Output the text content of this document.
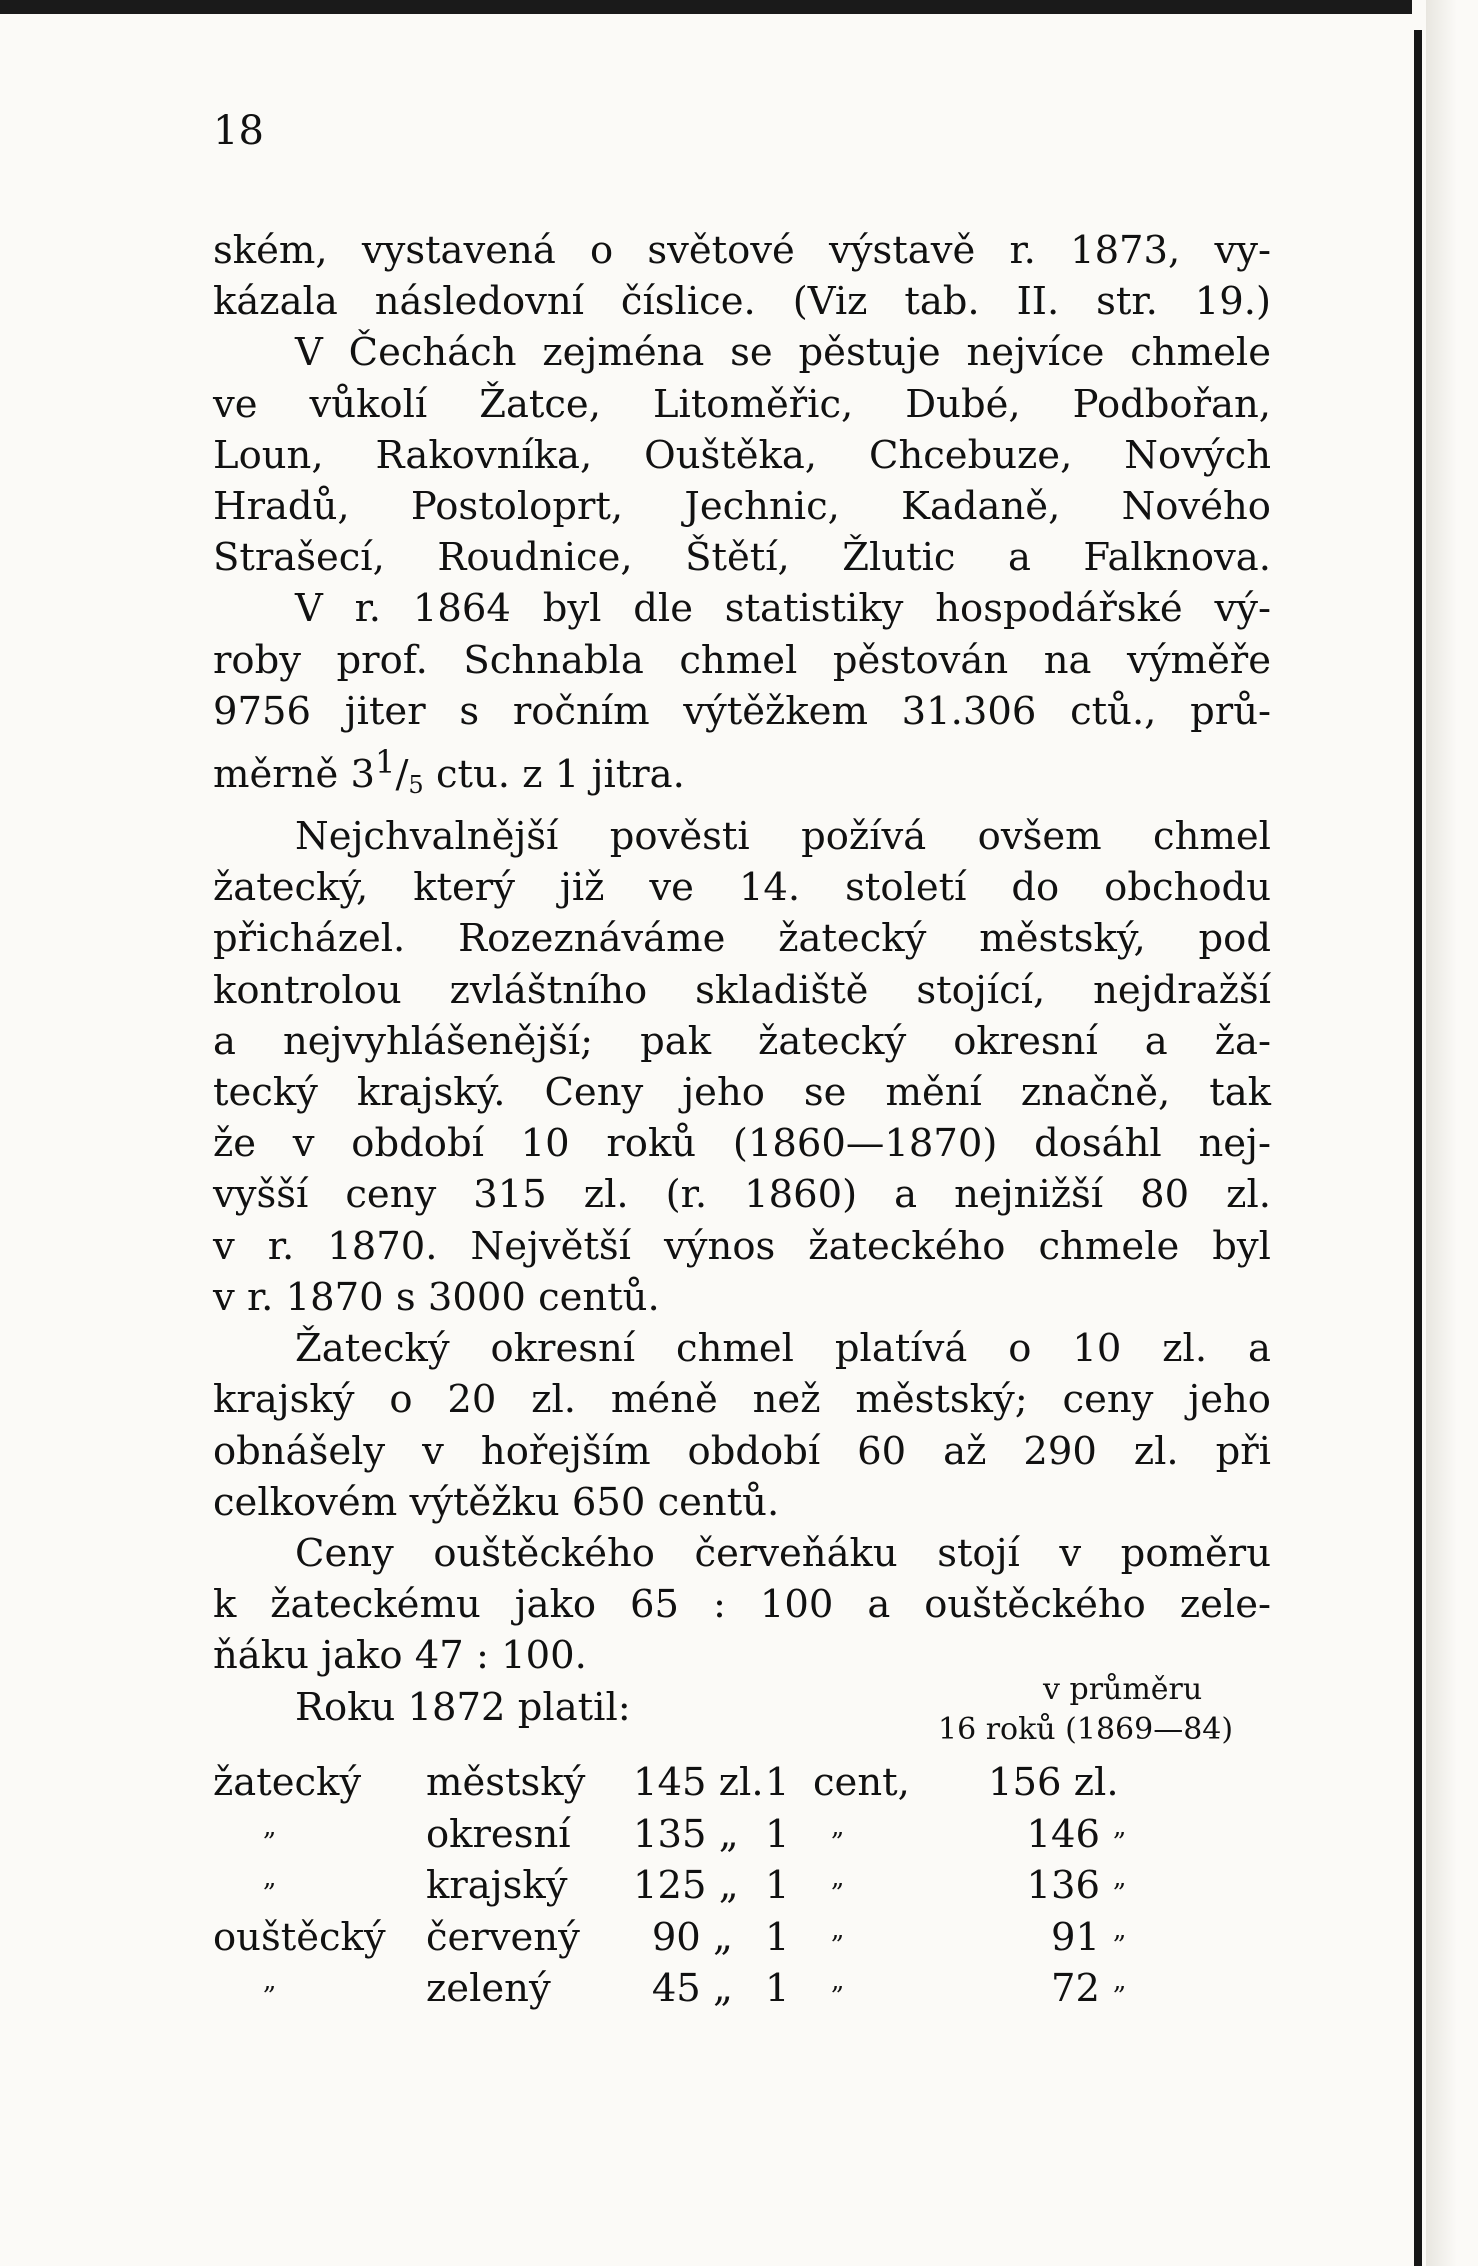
18
ském, vystavená o světové výstavě r. 1873, vy-
kázala následovní číslice. (Viz tab. II. str. 19.)
V Čechách zejména se pěstuje nejvíce chmele
ve vůkolí Žatce, Litoměřic, Dubé, Podbořan,
Loun, Rakovníka, Ouštěka, Chcebuze, Nových
Hradů, Postoloprt, Jechnic, Kadaně, Nového
Strašecí, Roudnice, Štětí, Žlutic a Falknova.
V r. 1864 byl dle statistiky hospodářské vý-
roby prof. Schnabla chmel pěstován na výměře
9756 jiter s ročním výtěžkem 31.306 ctů., prů-
měrně $3^1/_5$ ctu. z 1 jitra.
Nejchvalnější pověsti požívá ovšem chmel
žatecký, který již ve 14. století do obchodu
přicházel. Rozeznáváme žatecký městský, pod
kontrolou zvláštního skladiště stojící, nejdražší
a nejvyhlášenější; pak žatecký okresní a ža-
tecký krajský. Ceny jeho se mění značně, tak
že v období 10 roků (1860—1870) dosáhl nej-
vyšší ceny 315 zl. (r. 1860) a nejnižší 80 zl.
v r. 1870. Největší výnos žateckého chmele byl
v r. 1870 s 3000 centů.
Žatecký okresní chmel platívá o 10 zl. a
krajský o 20 zl. méně než městský; ceny jeho
obnášely v hořejším období 60 až 290 zl. při
celkovém výtěžku 650 centů.
Ceny ouštěckého červeňáku stojí v poměru
k žateckému jako 65 : 100 a ouštěckého zele-
ňáku jako 47 : 100.
Roku 1872 platil:	v průměru
16 roků (1869—84)
žatecký městský 145 zl. 1 cent, 156 zl.
„	okresní 135 „ 1 „	146 „
„	krajský 125 „ 1 „	136 „
ouštěcký červený	90 „ 1 „	91 „
„	zelený	45 „ 1 „	72 „
